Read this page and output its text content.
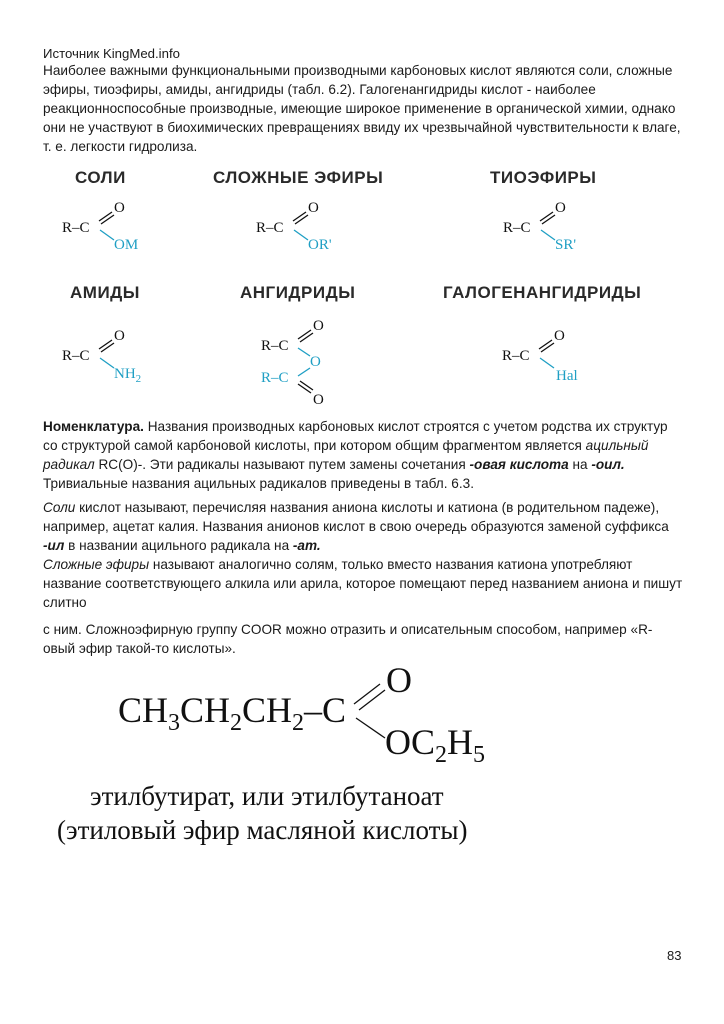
Источник KingMed.info

Наиболее важными функциональными производными карбоновых кислот являются соли, сложные эфиры, тиоэфиры, амиды, ангидриды (табл. 6.2). Галогенангидриды кислот - наиболее реакционноспособные производные, имеющие широкое применение в органической химии, однако они не участвуют в биохимических превращениях ввиду их чрезвычайной чувствительности к влаге, т. е. легкости гидролиза.

СОЛИ	СЛОЖНЫЕ ЭФИРЫ	ТИОЭФИРЫ
АМИДЫ	АНГИДРИДЫ	ГАЛОГЕНАНГИДРИДЫ
R–C
O
OM
R–C
O
OR'
R–C
O
SR'
R–C
O
$NH_2$
R–C
O
O
R–C
O
R–C
O
Hal

Номенклатура. Названия производных карбоновых кислот строятся с учетом родства их структур со структурой самой карбоновой кислоты, при котором общим фрагментом является ацильный радикал RC(O)-. Эти радикалы называют путем замены сочетания -овая кислота на -оил. Тривиальные названия ацильных радикалов приведены в табл. 6.3.

Соли кислот называют, перечисляя названия аниона кислоты и катиона (в родительном падеже), например, ацетат калия. Названия анионов кислот в свою очередь образуются заменой суффикса -ил в названии ацильного радикала на -ат.
Сложные эфиры называют аналогично солям, только вместо названия катиона употребляют название соответствующего алкила или арила, которое помещают перед названием аниона и пишут слитно

с ним. Сложноэфирную группу COOR можно отразить и описательным способом, например «R-овый эфир такой-то кислоты».

$CH_3CH_2CH_2-C$
O
$OC_2H_5$
этилбутират, или этилбутаноат
(этиловый эфир масляной кислоты)
83
